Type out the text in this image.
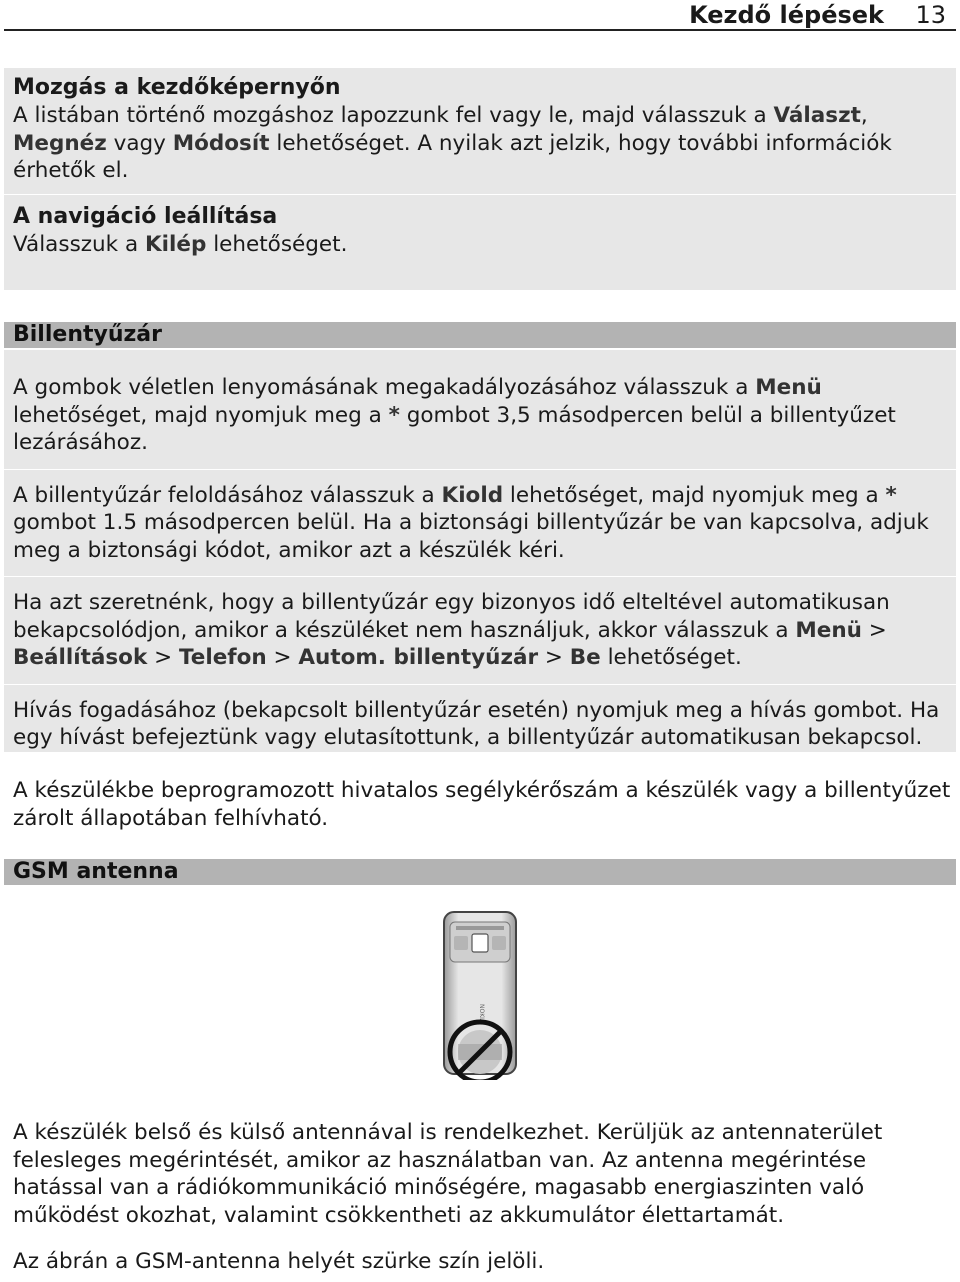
Kezdő lépések 13

Mozgás a kezdőképernyőn

A listában történő mozgáshoz lapozzunk fel vagy le, majd válasszuk a Választ,
Megnéz vagy Módosít lehetőséget. A nyilak azt jelzik, hogy további információk érhetők el.

A navigáció leállítása

Válasszuk a Kilép lehetőséget.

Billentyűzár

A gombok véletlen lenyomásának megakadályozásához válasszuk a Menü lehetőséget, majd nyomjuk meg a * gombot 3,5 másodpercen belül a billentyűzet lezárásához.

A billentyűzár feloldásához válasszuk a Kiold lehetőséget, majd nyomjuk meg a * gombot 1.5 másodpercen belül. Ha a biztonsági billentyűzár be van kapcsolva, adjuk meg a biztonsági kódot, amikor azt a készülék kéri.

Ha azt szeretnénk, hogy a billentyűzár egy bizonyos idő elteltével automatikusan bekapcsolódjon, amikor a készüléket nem használjuk, akkor válasszuk a Menü > Beállítások > Telefon > Autom. billentyűzár > Be lehetőséget.

Hívás fogadásához (bekapcsolt billentyűzár esetén) nyomjuk meg a hívás gombot. Ha egy hívást befejeztünk vagy elutasítottunk, a billentyűzár automatikusan bekapcsol.

A készülékbe beprogramozott hivatalos segélykérőszám a készülék vagy a billentyűzet zárolt állapotában felhívható.

GSM antenna
NOKIA

A készülék belső és külső antennával is rendelkezhet. Kerüljük az antennaterület felesleges megérintését, amikor az használatban van. Az antenna megérintése hatással van a rádiókommunikáció minőségére, magasabb energiaszinten való működést okozhat, valamint csökkentheti az akkumulátor élettartamát.

Az ábrán a GSM-antenna helyét szürke szín jelöli.
